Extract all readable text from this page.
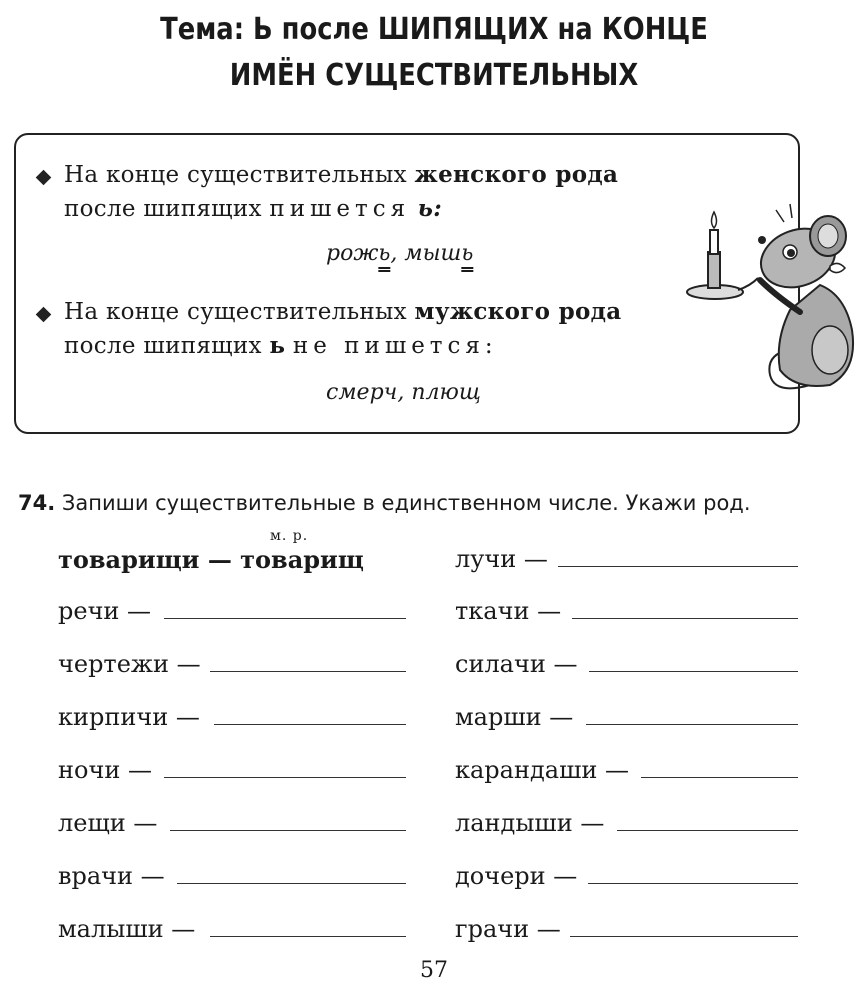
Тема: Ь после ШИПЯЩИХ на КОНЦЕ
ИМЁН СУЩЕСТВИТЕЛЬНЫХ
На конце существительных женского рода
после шипящих пишется ь:
рожь, мышь
На конце существительных мужского рода
после шипящих ь не пишется:
смерч, плющ
74. Запиши существительные в единственном числе. Укажи род.
м. р.
товарищи — товарищ
речи —
чертежи —
кирпичи —
ночи —
лещи —
врачи —
малыши —
лучи —
ткачи —
силачи —
марши —
карандаши —
ландыши —
дочери —
грачи —
57
